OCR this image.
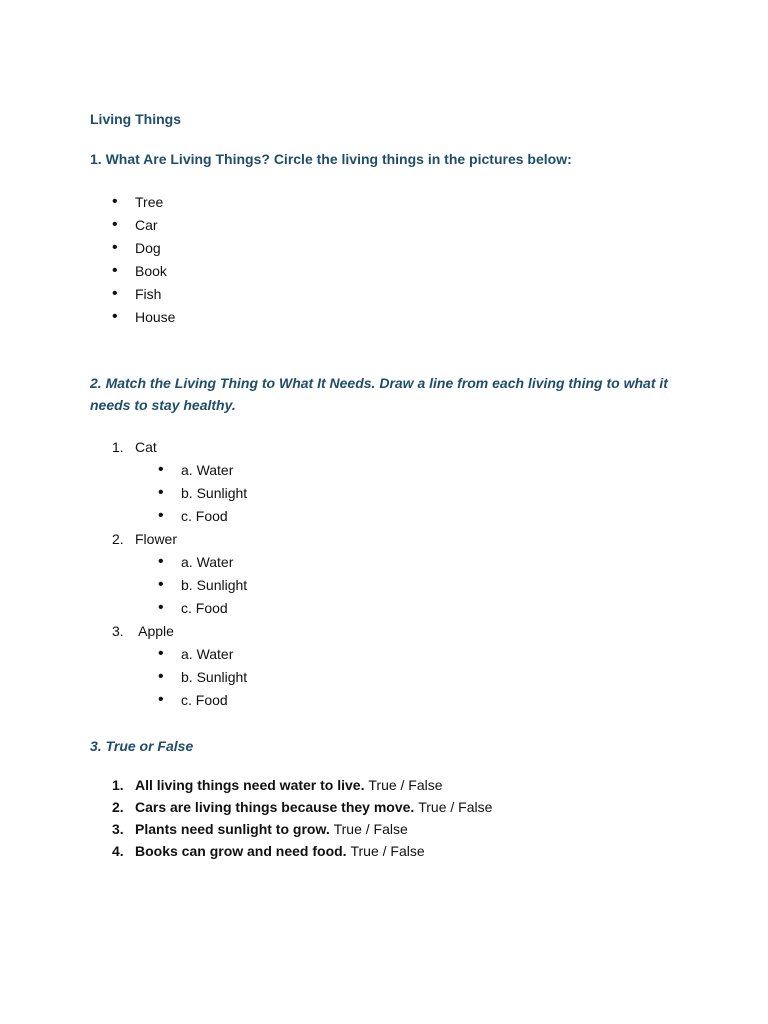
Living Things
1. What Are Living Things? Circle the living things in the pictures below:
• Tree
• Car
• Dog
• Book
• Fish
• House
2. Match the Living Thing to What It Needs. Draw a line from each living thing to what it needs to stay healthy.
1. Cat
• a. Water
• b. Sunlight
• c. Food
2. Flower
• a. Water
• b. Sunlight
• c. Food
3. Apple
• a. Water
• b. Sunlight
• c. Food
3. True or False
1. All living things need water to live. True / False
2. Cars are living things because they move. True / False
3. Plants need sunlight to grow. True / False
4. Books can grow and need food. True / False
